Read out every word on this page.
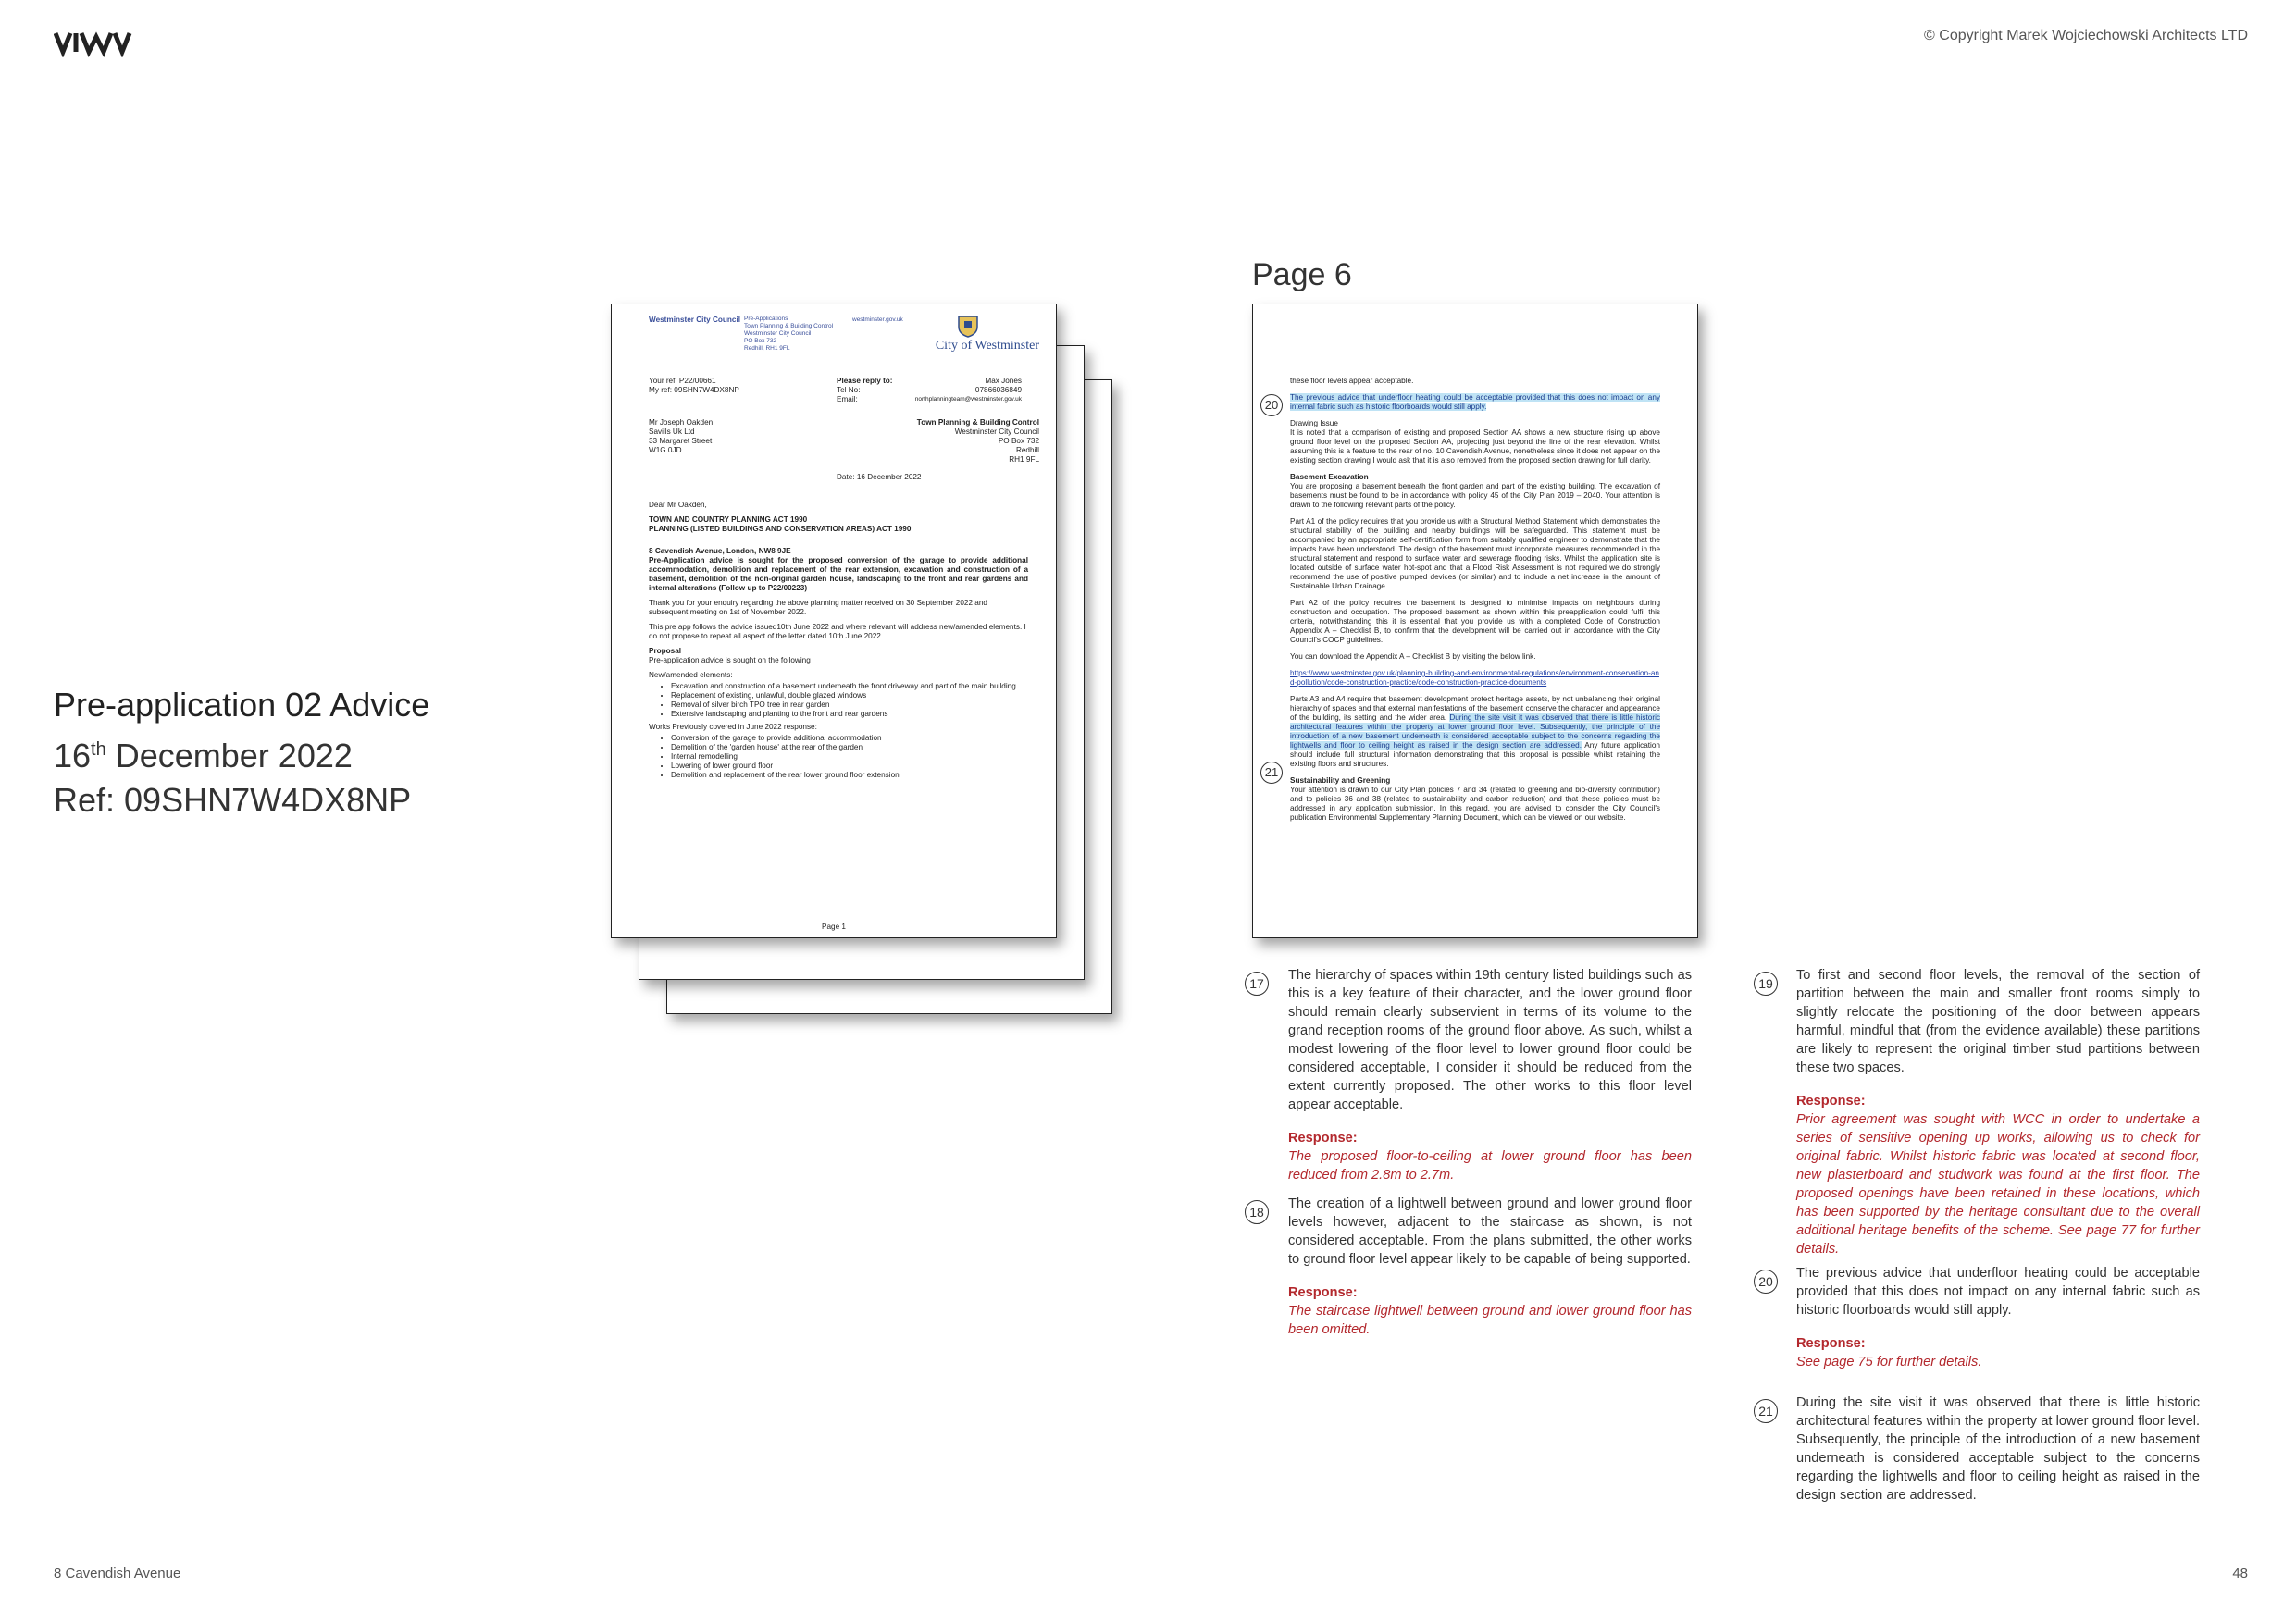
© Copyright Marek Wojciechowski Architects LTD
Pre-application 02 Advice
16th December 2022
Ref: 09SHN7W4DX8NP
Westminster City Council Pre-Applications
Town Planning & Building Control
Westminster City Council
PO Box 732
Redhill, RH1 9FL
westminster.gov.uk
City of Westminster
Your ref: P22/00661
My ref: 09SHN7W4DX8NP
Please reply to:	Max Jones
Tel No:	07866036849
Email:	northplanningteam@westminster.gov.uk
Mr Joseph Oakden
Savills Uk Ltd
33 Margaret Street
W1G 0JD
Town Planning & Building Control
Westminster City Council
PO Box 732
Redhill
RH1 9FL
Date: 16 December 2022
Dear Mr Oakden,
TOWN AND COUNTRY PLANNING ACT 1990
PLANNING (LISTED BUILDINGS AND CONSERVATION AREAS) ACT 1990
8 Cavendish Avenue, London, NW8 9JE
Pre-Application advice is sought for the proposed conversion of the garage to provide additional accommodation, demolition and replacement of the rear extension, excavation and construction of a basement, demolition of the non-original garden house, landscaping to the front and rear gardens and internal alterations (Follow up to P22/00223)
Thank you for your enquiry regarding the above planning matter received on 30 September 2022 and subsequent meeting on 1st of November 2022.
This pre app follows the advice issued10th June 2022 and where relevant will address new/amended elements. I do not propose to repeat all aspect of the letter dated 10th June 2022.
Proposal
Pre-application advice is sought on the following
New/amended elements:
• Excavation and construction of a basement underneath the front driveway and part of the main building
• Replacement of existing, unlawful, double glazed windows
• Removal of silver birch TPO tree in rear garden
• Extensive landscaping and planting to the front and rear gardens
Works Previously covered in June 2022 response:
• Conversion of the garage to provide additional accommodation
• Demolition of the 'garden house' at the rear of the garden
• Internal remodelling
• Lowering of lower ground floor
• Demolition and replacement of the rear lower ground floor extension
Page 1
Page 6
these floor levels appear acceptable.
The previous advice that underfloor heating could be acceptable provided that this does not impact on any internal fabric such as historic floorboards would still apply.
Drawing Issue
It is noted that a comparison of existing and proposed Section AA shows a new structure rising up above ground floor level on the proposed Section AA, projecting just beyond the line of the rear elevation. Whilst assuming this is a feature to the rear of no. 10 Cavendish Avenue, nonetheless since it does not appear on the existing section drawing I would ask that it is also removed from the proposed section drawing for full clarity.
Basement Excavation
You are proposing a basement beneath the front garden and part of the existing building. The excavation of basements must be found to be in accordance with policy 45 of the City Plan 2019 – 2040. Your attention is drawn to the following relevant parts of the policy.
Part A1 of the policy requires that you provide us with a Structural Method Statement which demonstrates the structural stability of the building and nearby buildings will be safeguarded. This statement must be accompanied by an appropriate self-certification form from suitably qualified engineer to demonstrate that the impacts have been understood. The design of the basement must incorporate measures recommended in the structural statement and respond to surface water and sewerage flooding risks. Whilst the application site is located outside of surface water hot-spot and that a Flood Risk Assessment is not required we do strongly recommend the use of positive pumped devices (or similar) and to include a net increase in the amount of Sustainable Urban Drainage.
Part A2 of the policy requires the basement is designed to minimise impacts on neighbours during construction and occupation. The proposed basement as shown within this preapplication could fulfil this criteria, notwithstanding this it is essential that you provide us with a completed Code of Construction Appendix A – Checklist B, to confirm that the development will be carried out in accordance with the City Council's COCP guidelines.
You can download the Appendix A – Checklist B by visiting the below link.
https://www.westminster.gov.uk/planning-building-and-environmental-regulations/environment-conservation-and-pollution/code-construction-practice/code-construction-practice-documents
Parts A3 and A4 require that basement development protect heritage assets, by not unbalancing their original hierarchy of spaces and that external manifestations of the basement conserve the character and appearance of the building, its setting and the wider area. During the site visit it was observed that there is little historic architectural features within the property at lower ground floor level. Subsequently, the principle of the introduction of a new basement underneath is considered acceptable subject to the concerns regarding the lightwells and floor to ceiling height as raised in the design section are addressed. Any future application should include full structural information demonstrating that this proposal is possible whilst retaining the existing floors and structures.
Sustainability and Greening
Your attention is drawn to our City Plan policies 7 and 34 (related to greening and bio-diversity contribution) and to policies 36 and 38 (related to sustainability and carbon reduction) and that these policies must be addressed in any application submission. In this regard, you are advised to consider the City Council's publication Environmental Supplementary Planning Document, which can be viewed on our website.
20
21
17

The hierarchy of spaces within 19th century listed buildings such as this is a key feature of their character, and the lower ground floor should remain clearly subservient in terms of its volume to the grand reception rooms of the ground floor above. As such, whilst a modest lowering of the floor level to lower ground floor could be considered acceptable, I consider it should be reduced from the extent currently proposed. The other works to this floor level appear acceptable.

Response:
The proposed floor-to-ceiling at lower ground floor has been reduced from 2.8m to 2.7m.
18

The creation of a lightwell between ground and lower ground floor levels however, adjacent to the staircase as shown, is not considered acceptable. From the plans submitted, the other works to ground floor level appear likely to be capable of being supported.

Response:
The staircase lightwell between ground and lower ground floor has been omitted.
19

To first and second floor levels, the removal of the section of partition between the main and smaller front rooms simply to slightly relocate the positioning of the door between appears harmful, mindful that (from the evidence available) these partitions are likely to represent the original timber stud partitions between these two spaces.

Response:
Prior agreement was sought with WCC in order to undertake a series of sensitive opening up works, allowing us to check for original fabric. Whilst historic fabric was located at second floor, new plasterboard and studwork was found at the first floor. The proposed openings have been retained in these locations, which has been supported by the heritage consultant due to the overall additional heritage benefits of the scheme. See page 77 for further details.
20

The previous advice that underfloor heating could be acceptable provided that this does not impact on any internal fabric such as historic floorboards would still apply.

Response:
See page 75 for further details.
21

During the site visit it was observed that there is little historic architectural features within the property at lower ground floor level. Subsequently, the principle of the introduction of a new basement underneath is considered acceptable subject to the concerns regarding the lightwells and floor to ceiling height as raised in the design section are addressed.

8 Cavendish Avenue	48
